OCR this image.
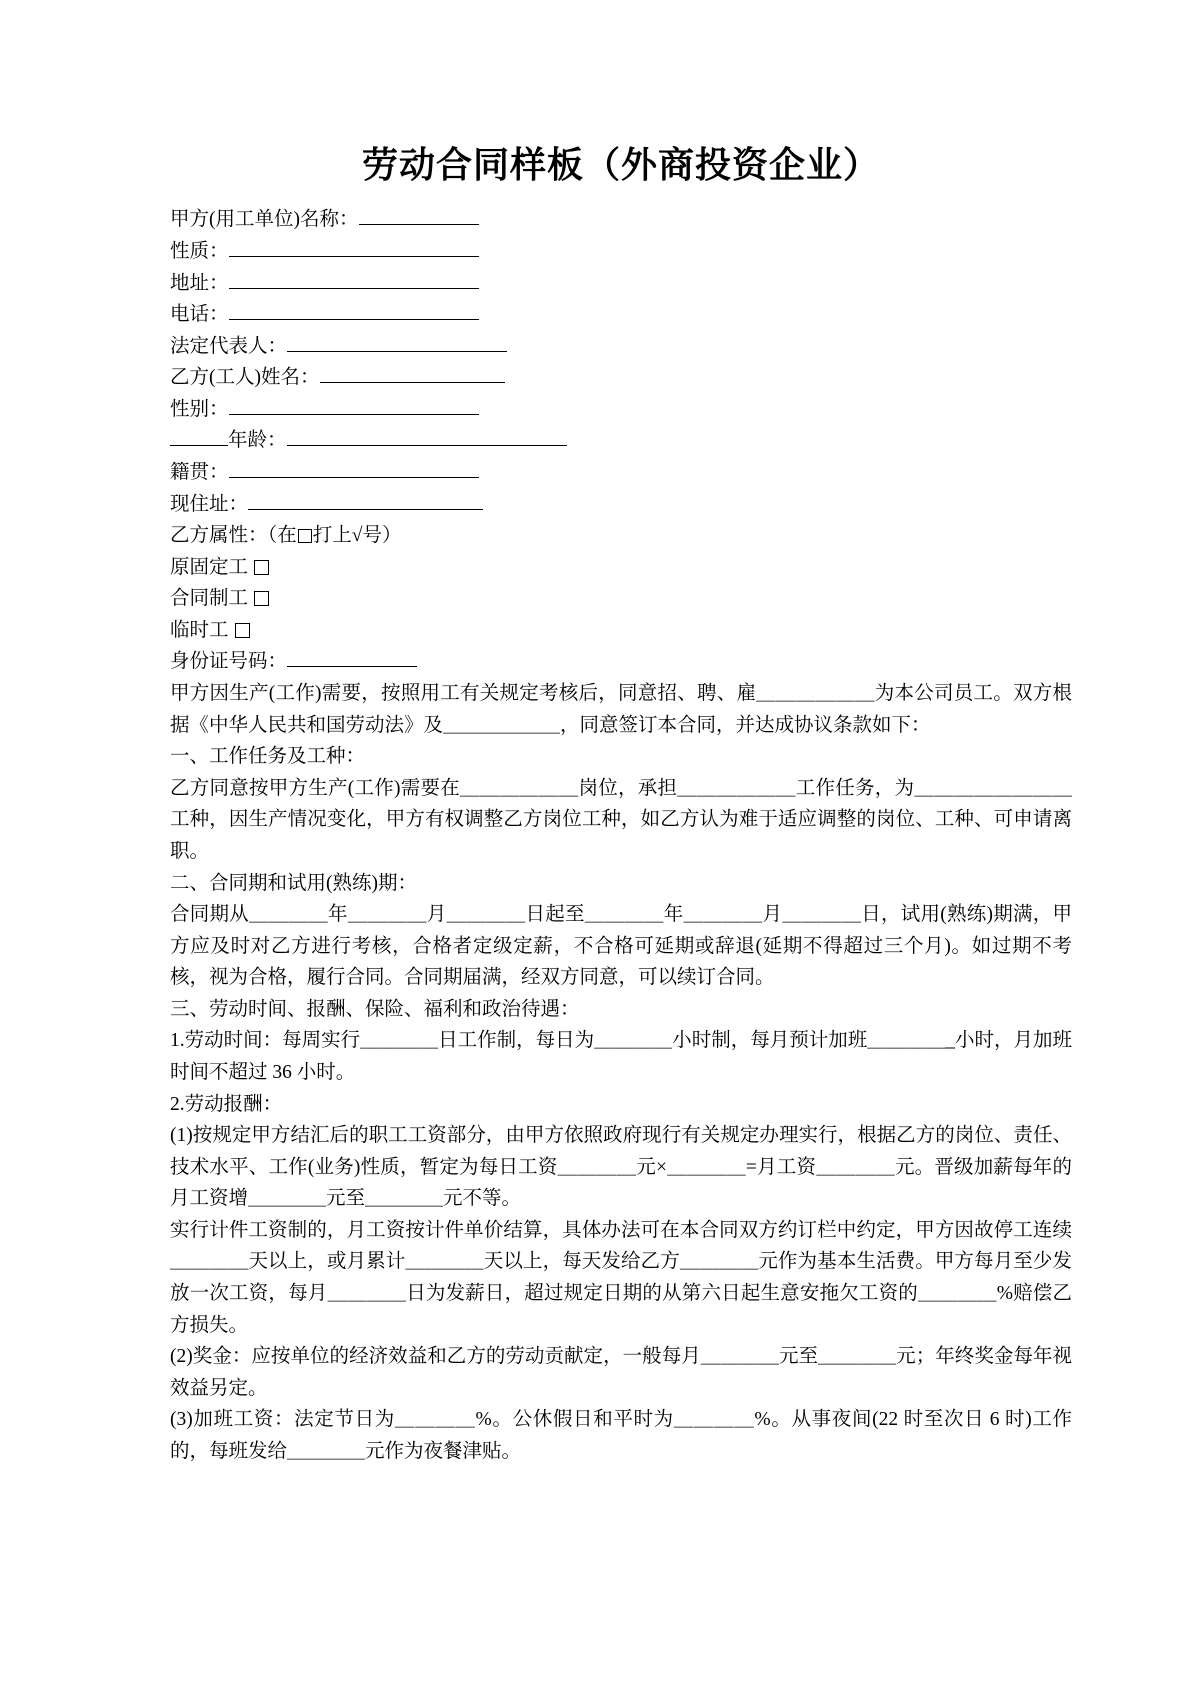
劳动合同样板（外商投资企业）

甲方(用工单位)名称：

性质：

地址：

电话：

法定代表人：

乙方(工人)姓名：

性别：

年龄：

籍贯：

现住址：

乙方属性：（在 打上√号）

原固定工

合同制工

临时工

身份证号码：

甲方因生产(工作)需要，按照用工有关规定考核后，同意招、聘、雇＿＿＿＿＿＿为本公司员工。双方根据《中华人民共和国劳动法》及＿＿＿＿＿＿，同意签订本合同，并达成协议条款如下：

一、工作任务及工种：

乙方同意按甲方生产(工作)需要在＿＿＿＿＿＿岗位，承担＿＿＿＿＿＿工作任务，为＿＿＿＿＿＿＿＿工种，因生产情况变化，甲方有权调整乙方岗位工种，如乙方认为难于适应调整的岗位、工种、可申请离职。

二、合同期和试用(熟练)期：

合同期从＿＿＿＿年＿＿＿＿月＿＿＿＿日起至＿＿＿＿年＿＿＿＿月＿＿＿＿日，试用(熟练)期满，甲方应及时对乙方进行考核，合格者定级定薪，不合格可延期或辞退(延期不得超过三个月)。如过期不考核，视为合格，履行合同。合同期届满，经双方同意，可以续订合同。

三、劳动时间、报酬、保险、福利和政治待遇：

1.劳动时间：每周实行＿＿＿＿日工作制，每日为＿＿＿＿小时制，每月预计加班＿＿＿＿_小时，月加班时间不超过 36 小时。

2.劳动报酬：

(1)按规定甲方结汇后的职工工资部分，由甲方依照政府现行有关规定办理实行，根据乙方的岗位、责任、技术水平、工作(业务)性质，暂定为每日工资＿＿＿＿元×＿＿＿＿=月工资＿＿＿＿元。晋级加薪每年的月工资增＿＿＿＿元至＿＿＿＿元不等。

实行计件工资制的，月工资按计件单价结算，具体办法可在本合同双方约订栏中约定，甲方因故停工连续＿＿＿＿天以上，或月累计＿＿＿＿天以上，每天发给乙方＿＿＿＿元作为基本生活费。甲方每月至少发放一次工资，每月＿＿＿＿日为发薪日，超过规定日期的从第六日起生意安拖欠工资的＿＿＿＿%赔偿乙方损失。

(2)奖金：应按单位的经济效益和乙方的劳动贡献定，一般每月＿＿＿＿元至＿＿＿＿元；年终奖金每年视效益另定。

(3)加班工资：法定节日为＿＿＿＿%。公休假日和平时为＿＿＿＿%。从事夜间(22 时至次日 6 时)工作的，每班发给＿＿＿＿元作为夜餐津贴。
